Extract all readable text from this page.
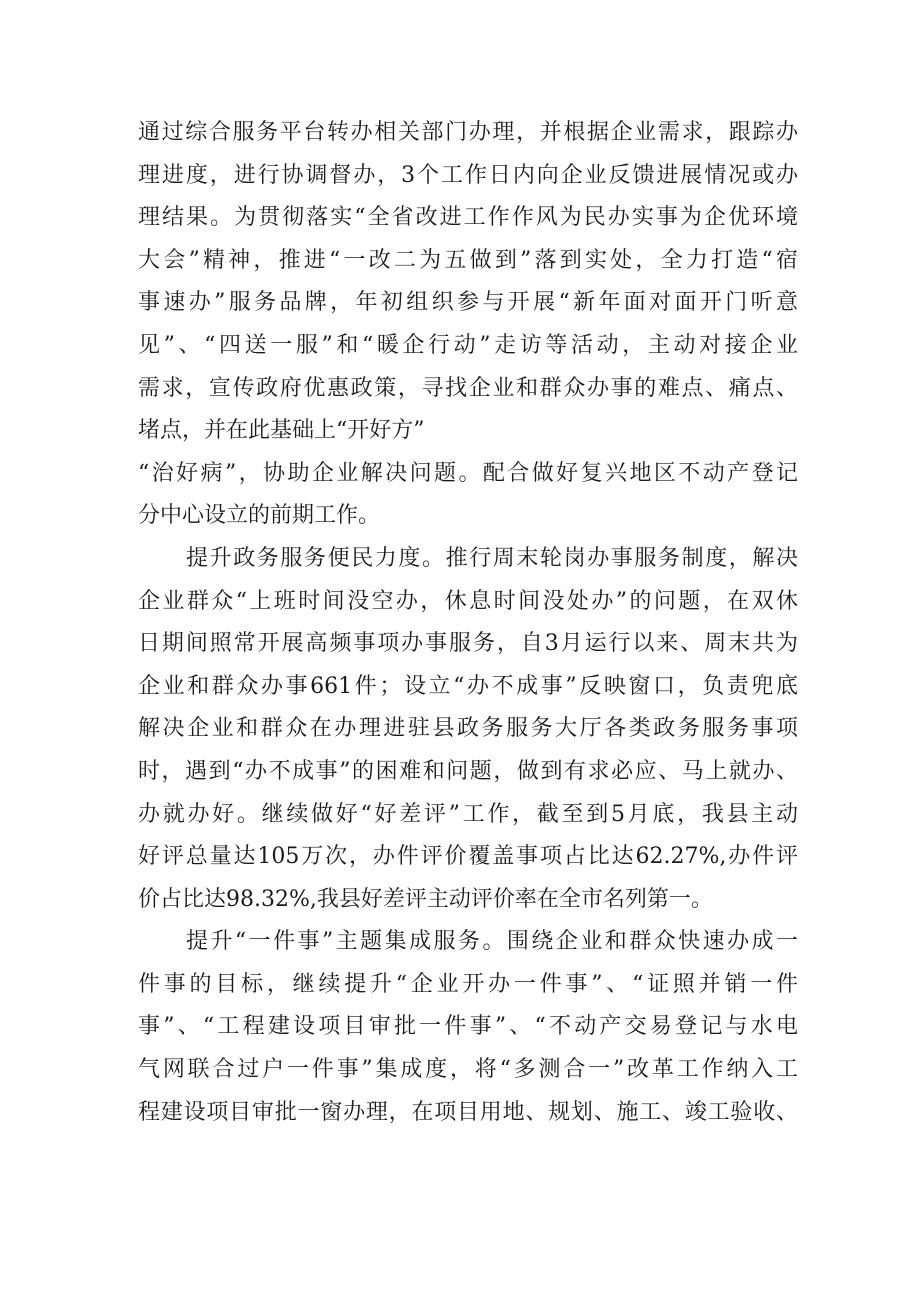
通过综合服务平台转办相关部门办理，并根据企业需求，跟踪办
理进度，进行协调督办，3个工作日内向企业反馈进展情况或办
理结果。为贯彻落实“全省改进工作作风为民办实事为企优环境
大会”精神，推进“一改二为五做到”落到实处，全力打造“宿
事速办”服务品牌，年初组织参与开展“新年面对面开门听意
见”、“四送一服”和“暖企行动”走访等活动，主动对接企业
需求，宣传政府优惠政策，寻找企业和群众办事的难点、痛点、
堵点，并在此基础上“开好方”
“治好病”，协助企业解决问题。配合做好复兴地区不动产登记
分中心设立的前期工作。
提升政务服务便民力度。推行周末轮岗办事服务制度，解决
企业群众“上班时间没空办，休息时间没处办”的问题，在双休
日期间照常开展高频事项办事服务，自3月运行以来、周末共为
企业和群众办事661件；设立“办不成事”反映窗口，负责兜底
解决企业和群众在办理进驻县政务服务大厅各类政务服务事项
时，遇到“办不成事”的困难和问题，做到有求必应、马上就办、
办就办好。继续做好“好差评”工作，截至到5月底，我县主动
好评总量达105万次，办件评价覆盖事项占比达62.27%,办件评
价占比达98.32%,我县好差评主动评价率在全市名列第一。
提升“一件事”主题集成服务。围绕企业和群众快速办成一
件事的目标，继续提升“企业开办一件事”、“证照并销一件
事”、“工程建设项目审批一件事”、“不动产交易登记与水电
气网联合过户一件事”集成度，将“多测合一”改革工作纳入工
程建设项目审批一窗办理，在项目用地、规划、施工、竣工验收、
